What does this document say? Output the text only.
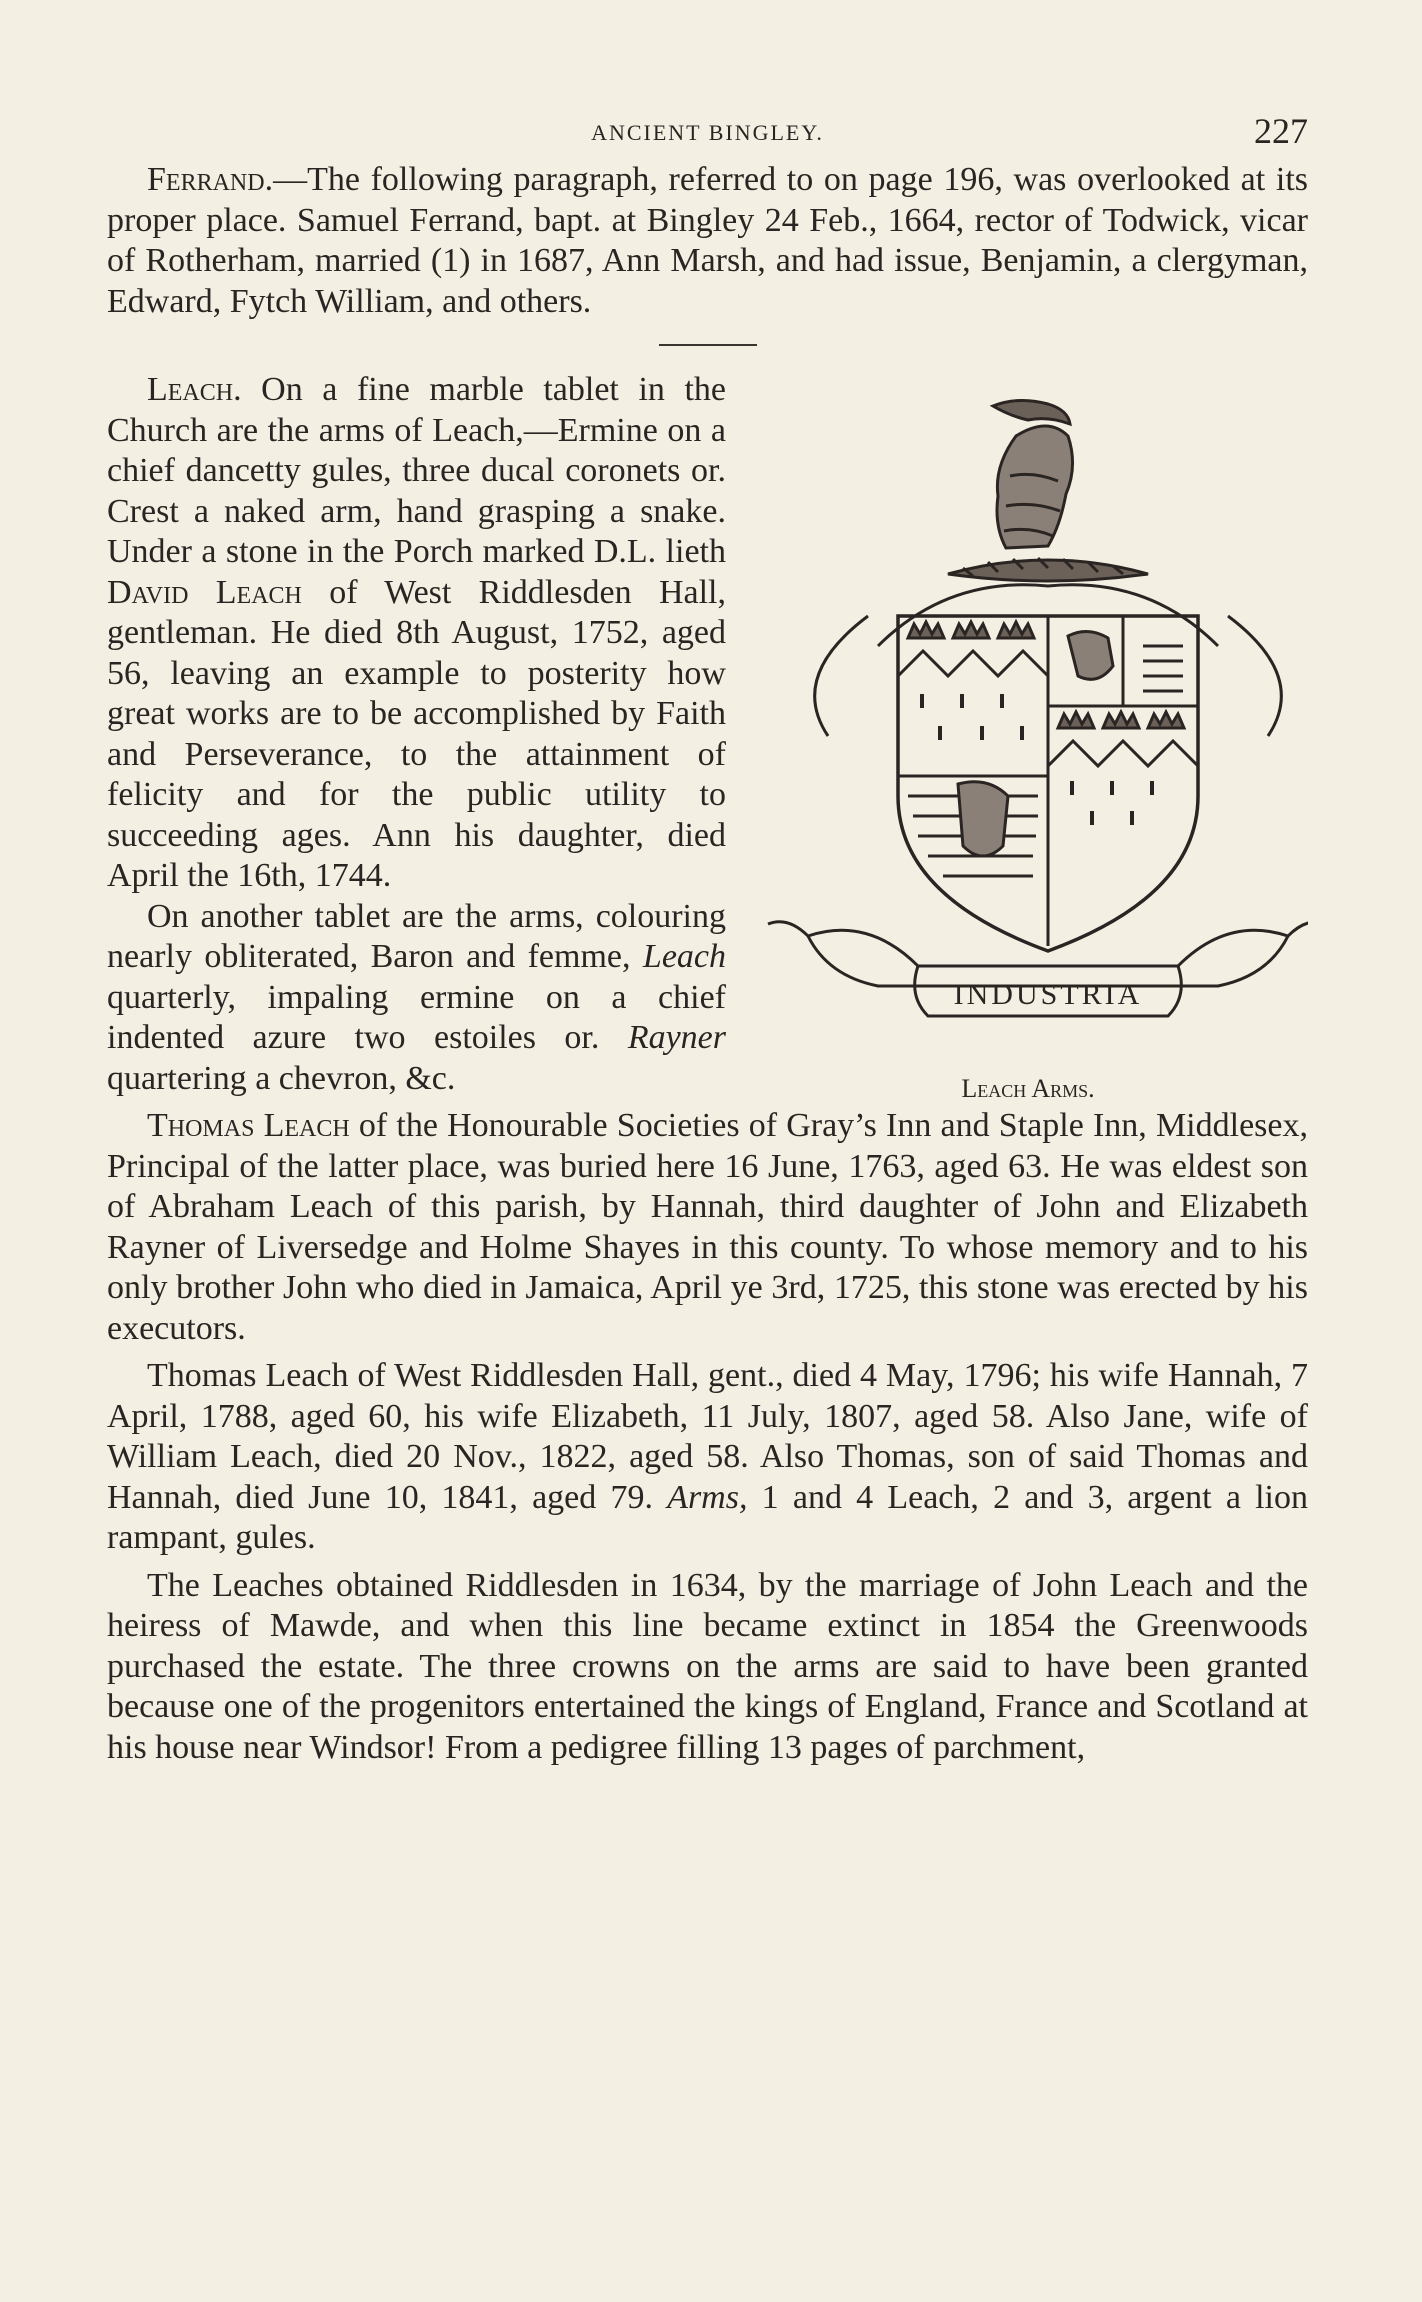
ANCIENT BINGLEY.	227

Ferrand.—The following paragraph, referred to on page 196, was overlooked at its proper place. Samuel Ferrand, bapt. at Bingley 24 Feb., 1664, rector of Todwick, vicar of Rotherham, married (1) in 1687, Ann Marsh, and had issue, Benjamin, a clergyman, Edward, Fytch William, and others.

INDUSTRIA
Leach Arms.

Leach. On a fine marble tablet in the Church are the arms of Leach,—Ermine on a chief dancetty gules, three ducal coronets or. Crest a naked arm, hand grasping a snake. Under a stone in the Porch marked D.L. lieth David Leach of West Riddlesden Hall, gentleman. He died 8th August, 1752, aged 56, leaving an example to posterity how great works are to be accomplished by Faith and Perseverance, to the attainment of felicity and for the public utility to succeeding ages. Ann his daughter, died April the 16th, 1744.

On another tablet are the arms, colouring nearly obliterated, Baron and femme, Leach quarterly, impaling ermine on a chief indented azure two estoiles or. Rayner quartering a chevron, &c.

Thomas Leach of the Honourable Societies of Gray’s Inn and Staple Inn, Middlesex, Principal of the latter place, was buried here 16 June, 1763, aged 63. He was eldest son of Abraham Leach of this parish, by Hannah, third daughter of John and Elizabeth Rayner of Liversedge and Holme Shayes in this county. To whose memory and to his only brother John who died in Jamaica, April ye 3rd, 1725, this stone was erected by his executors.

Thomas Leach of West Riddlesden Hall, gent., died 4 May, 1796; his wife Hannah, 7 April, 1788, aged 60, his wife Elizabeth, 11 July, 1807, aged 58. Also Jane, wife of William Leach, died 20 Nov., 1822, aged 58. Also Thomas, son of said Thomas and Hannah, died June 10, 1841, aged 79. Arms, 1 and 4 Leach, 2 and 3, argent a lion rampant, gules.

The Leaches obtained Riddlesden in 1634, by the marriage of John Leach and the heiress of Mawde, and when this line became extinct in 1854 the Greenwoods purchased the estate. The three crowns on the arms are said to have been granted because one of the progenitors entertained the kings of England, France and Scotland at his house near Windsor! From a pedigree filling 13 pages of parchment,
